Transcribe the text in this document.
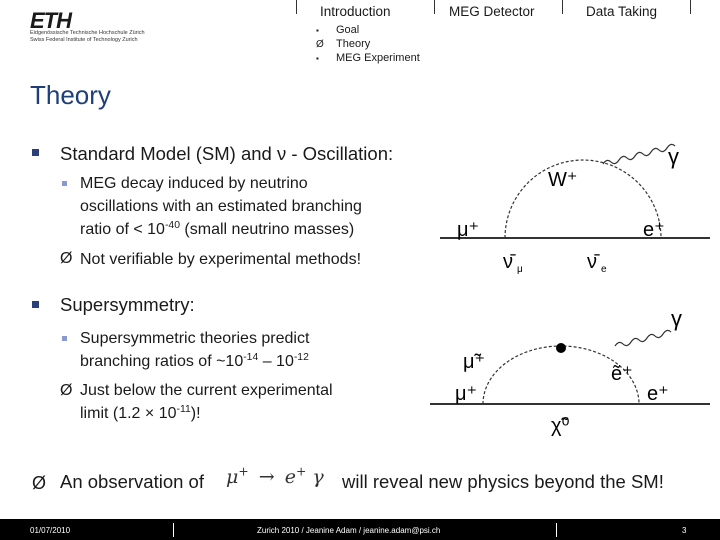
ETH
Eidgenössische Technische Hochschule Zürich
Swiss Federal Institute of Technology Zurich
Introduction	MEG Detector	Data Taking
▪ Goal
Ø Theory
▪ MEG Experiment
Theory
Standard Model (SM) and ν - Oscillation:
MEG decay induced by neutrino
oscillations with an estimated branching
ratio of < $10^{-40}$ (small neutrino masses)
Ø Not verifiable by experimental methods!
Supersymmetry:
Supersymmetric theories predict
branching ratios of $\sim 10^{-14} - 10^{-12}$
Ø Just below the current experimental
limit $(1.2 \times 10^{-11})$!
Ø An observation of μ+ → e+ γ will reveal new physics beyond the SM!
γ
W⁺
μ⁺	e⁺
ν̄ μ	ν̄ e
γ
μ̃⁺
ẽ⁺
μ⁺	e⁺
χ̃⁰
01/07/2010	Zurich 2010 / Jeanine Adam / jeanine.adam@psi.ch	3
